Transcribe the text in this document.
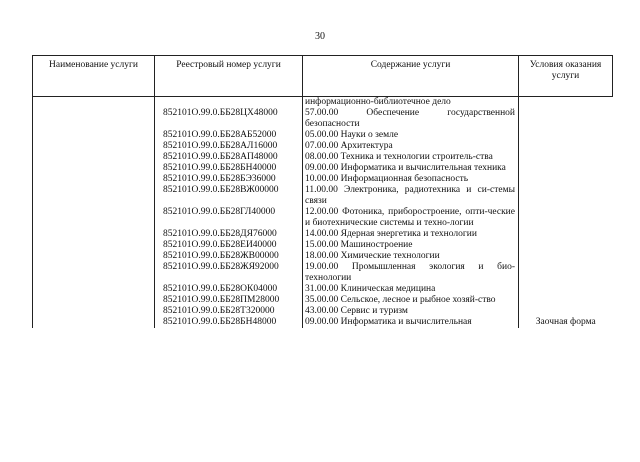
30
Наименование услуги	Реестровый номер услуги	Содержание услуги	Условия оказания услуги
		информационно-библиотечное дело	
	852101О.99.0.ББ28ЦХ48000	57.00.00 Обеспечение государственной безопасности	
	852101О.99.0.ББ28АБ52000	05.00.00 Науки о земле	
	852101О.99.0.ББ28АЛ16000	07.00.00 Архитектура	
	852101О.99.0.ББ28АП48000	08.00.00 Техника и технологии строитель-ства	
	852101О.99.0.ББ28БН40000	09.00.00 Информатика и вычислительная техника	
	852101О.99.0.ББ28БЭ36000	10.00.00 Информационная безопасность	
	852101О.99.0.ББ28ВЖ00000	11.00.00 Электроника, радиотехника и си-стемы связи	
	852101О.99.0.ББ28ГЛ40000	12.00.00 Фотоника, приборостроение, опти-ческие и биотехнические системы и техно-логии	
	852101О.99.0.ББ28ДЯ76000	14.00.00 Ядерная энергетика и технологии	
	852101О.99.0.ББ28ЕИ40000	15.00.00 Машиностроение	
	852101О.99.0.ББ28ЖВ00000	18.00.00 Химические технологии	
	852101О.99.0.ББ28ЖЯ92000	19.00.00 Промышленная экология и био-технологии	
	852101О.99.0.ББ28ОК04000	31.00.00 Клиническая медицина	
	852101О.99.0.ББ28ПМ28000	35.00.00 Сельское, лесное и рыбное хозяй-ство	
	852101О.99.0.ББ28Т320000	43.00.00 Сервис и туризм	
	852101О.99.0.ББ28БН48000	09.00.00 Информатика и вычислительная	Заочная форма
